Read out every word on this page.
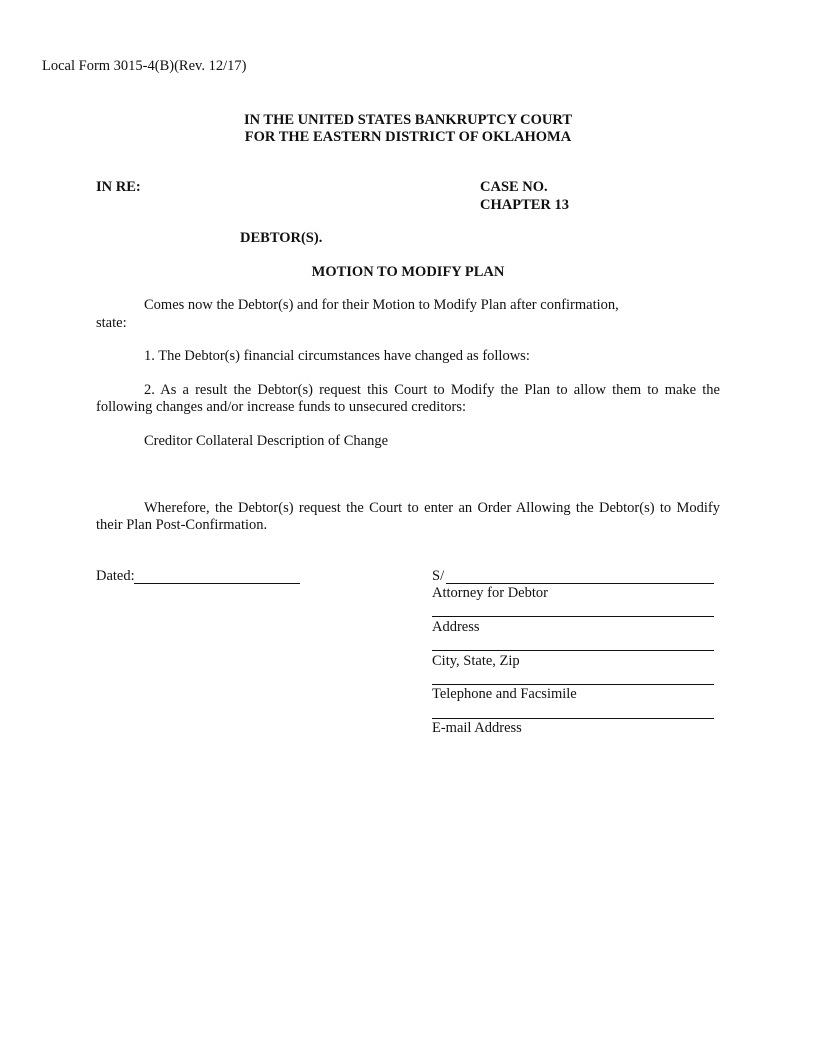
Local Form 3015-4(B)(Rev. 12/17)
IN THE UNITED STATES BANKRUPTCY COURT
FOR THE EASTERN DISTRICT OF OKLAHOMA
IN RE:	CASE NO.
CHAPTER 13
DEBTOR(S).
MOTION TO MODIFY PLAN
Comes now the Debtor(s) and for their Motion to Modify Plan after confirmation,
state:
1. The Debtor(s) financial circumstances have changed as follows:
2. As a result the Debtor(s) request this Court to Modify the Plan to allow them to make the following changes and/or increase funds to unsecured creditors:
Creditor Collateral Description of Change
Wherefore, the Debtor(s) request the Court to enter an Order Allowing the Debtor(s) to Modify their Plan Post-Confirmation.
Dated:	S/
Attorney for Debtor
Address
City, State, Zip
Telephone and Facsimile
E-mail Address
